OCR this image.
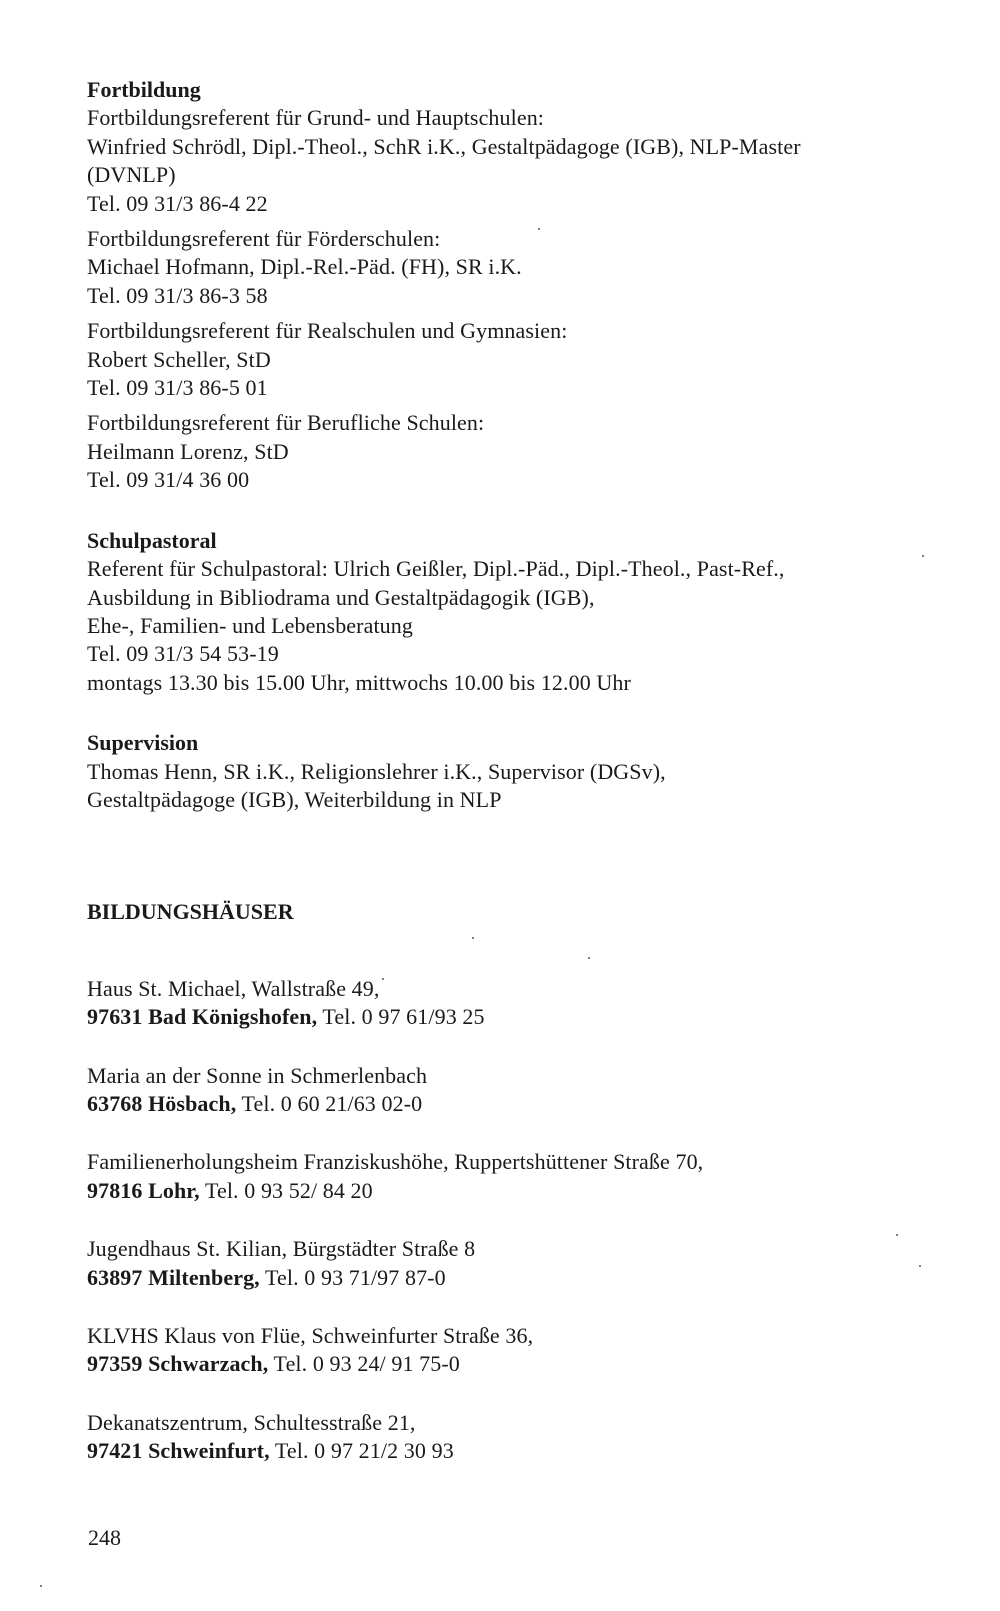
Fortbildung
Fortbildungsreferent für Grund- und Hauptschulen:
Winfried Schrödl, Dipl.-Theol., SchR i.K., Gestaltpädagoge (IGB), NLP-Master
(DVNLP)
Tel. 09 31/3 86-4 22
Fortbildungsreferent für Förderschulen:
Michael Hofmann, Dipl.-Rel.-Päd. (FH), SR i.K.
Tel. 09 31/3 86-3 58
Fortbildungsreferent für Realschulen und Gymnasien:
Robert Scheller, StD
Tel. 09 31/3 86-5 01
Fortbildungsreferent für Berufliche Schulen:
Heilmann Lorenz, StD
Tel. 09 31/4 36 00
Schulpastoral
Referent für Schulpastoral: Ulrich Geißler, Dipl.-Päd., Dipl.-Theol., Past-Ref.,
Ausbildung in Bibliodrama und Gestaltpädagogik (IGB),
Ehe-, Familien- und Lebensberatung
Tel. 09 31/3 54 53-19
montags 13.30 bis 15.00 Uhr, mittwochs 10.00 bis 12.00 Uhr
Supervision
Thomas Henn, SR i.K., Religionslehrer i.K., Supervisor (DGSv),
Gestaltpädagoge (IGB), Weiterbildung in NLP
BILDUNGSHÄUSER
Haus St. Michael, Wallstraße 49,
97631 Bad Königshofen, Tel. 0 97 61/93 25
Maria an der Sonne in Schmerlenbach
63768 Hösbach, Tel. 0 60 21/63 02-0
Familienerholungsheim Franziskushöhe, Ruppertshüttener Straße 70,
97816 Lohr, Tel. 0 93 52/ 84 20
Jugendhaus St. Kilian, Bürgstädter Straße 8
63897 Miltenberg, Tel. 0 93 71/97 87-0
KLVHS Klaus von Flüe, Schweinfurter Straße 36,
97359 Schwarzach, Tel. 0 93 24/ 91 75-0
Dekanatszentrum, Schultesstraße 21,
97421 Schweinfurt, Tel. 0 97 21/2 30 93
248
